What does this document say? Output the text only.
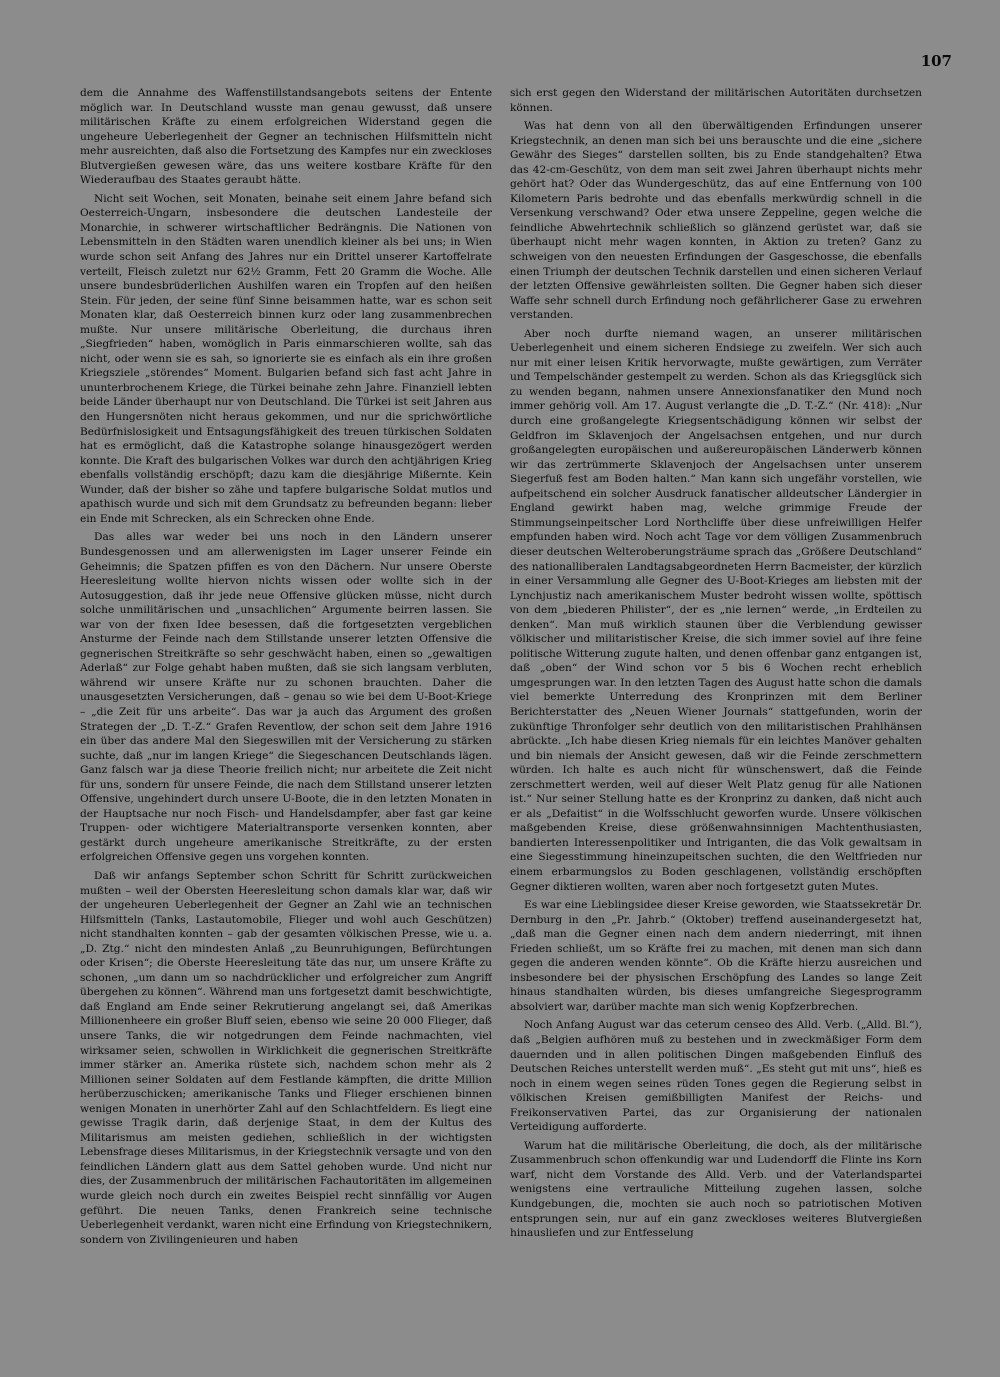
107

dem die Annahme des Waffenstillstandsangebots seitens der Entente möglich war. In Deutschland wusste man genau gewusst, daß unsere militärischen Kräfte zu einem erfolgreichen Widerstand gegen die ungeheure Ueberlegenheit der Gegner an technischen Hilfsmitteln nicht mehr ausreichten, daß also die Fortsetzung des Kampfes nur ein zweckloses Blutvergießen gewesen wäre, das uns weitere kostbare Kräfte für den Wiederaufbau des Staates geraubt hätte.

Nicht seit Wochen, seit Monaten, beinahe seit einem Jahre befand sich Oesterreich-Ungarn, insbesondere die deutschen Landesteile der Monarchie, in schwerer wirtschaftlicher Bedrängnis. Die Nationen von Lebensmitteln in den Städten waren unendlich kleiner als bei uns; in Wien wurde schon seit Anfang des Jahres nur ein Drittel unserer Kartoffelrate verteilt, Fleisch zuletzt nur 62½ Gramm, Fett 20 Gramm die Woche. Alle unsere bundesbrüderlichen Aushilfen waren ein Tropfen auf den heißen Stein. Für jeden, der seine fünf Sinne beisammen hatte, war es schon seit Monaten klar, daß Oesterreich binnen kurz oder lang zusammenbrechen mußte. Nur unsere militärische Oberleitung, die durchaus ihren „Siegfrieden“ haben, womöglich in Paris einmarschieren wollte, sah das nicht, oder wenn sie es sah, so ignorierte sie es einfach als ein ihre großen Kriegsziele „störendes“ Moment. Bulgarien befand sich fast acht Jahre in ununterbrochenem Kriege, die Türkei beinahe zehn Jahre. Finanziell lebten beide Länder überhaupt nur von Deutschland. Die Türkei ist seit Jahren aus den Hungersnöten nicht heraus gekommen, und nur die sprichwörtliche Bedürfnislosigkeit und Entsagungsfähigkeit des treuen türkischen Soldaten hat es ermöglicht, daß die Katastrophe solange hinausgezögert werden konnte. Die Kraft des bulgarischen Volkes war durch den achtjährigen Krieg ebenfalls vollständig erschöpft; dazu kam die diesjährige Mißernte. Kein Wunder, daß der bisher so zähe und tapfere bulgarische Soldat mutlos und apathisch wurde und sich mit dem Grundsatz zu befreunden begann: lieber ein Ende mit Schrecken, als ein Schrecken ohne Ende.

Das alles war weder bei uns noch in den Ländern unserer Bundesgenossen und am allerwenigsten im Lager unserer Feinde ein Geheimnis; die Spatzen pfiffen es von den Dächern. Nur unsere Oberste Heeresleitung wollte hiervon nichts wissen oder wollte sich in der Autosuggestion, daß ihr jede neue Offensive glücken müsse, nicht durch solche unmilitärischen und „unsachlichen“ Argumente beirren lassen. Sie war von der fixen Idee besessen, daß die fortgesetzten vergeblichen Ansturme der Feinde nach dem Stillstande unserer letzten Offensive die gegnerischen Streitkräfte so sehr geschwächt haben, einen so „gewaltigen Aderlaß“ zur Folge gehabt haben mußten, daß sie sich langsam verbluten, während wir unsere Kräfte nur zu schonen brauchten. Daher die unausgesetzten Versicherungen, daß – genau so wie bei dem U-Boot-Kriege – „die Zeit für uns arbeite“. Das war ja auch das Argument des großen Strategen der „D. T.-Z.“ Grafen Reventlow, der schon seit dem Jahre 1916 ein über das andere Mal den Siegeswillen mit der Versicherung zu stärken suchte, daß „nur im langen Kriege“ die Siegeschancen Deutschlands lägen. Ganz falsch war ja diese Theorie freilich nicht; nur arbeitete die Zeit nicht für uns, sondern für unsere Feinde, die nach dem Stillstand unserer letzten Offensive, ungehindert durch unsere U-Boote, die in den letzten Monaten in der Hauptsache nur noch Fisch- und Handelsdampfer, aber fast gar keine Truppen- oder wichtigere Materialtransporte versenken konnten, aber gestärkt durch ungeheure amerikanische Streitkräfte, zu der ersten erfolgreichen Offensive gegen uns vorgehen konnten.

Daß wir anfangs September schon Schritt für Schritt zurückweichen mußten – weil der Obersten Heeresleitung schon damals klar war, daß wir der ungeheuren Ueberlegenheit der Gegner an Zahl wie an technischen Hilfsmitteln (Tanks, Lastautomobile, Flieger und wohl auch Geschützen) nicht standhalten konnten – gab der gesamten völkischen Presse, wie u. a. „D. Ztg.“ nicht den mindesten Anlaß „zu Beunruhigungen, Befürchtungen oder Krisen“; die Oberste Heeresleitung täte das nur, um unsere Kräfte zu schonen, „um dann um so nachdrücklicher und erfolgreicher zum Angriff übergehen zu können“. Während man uns fortgesetzt damit beschwichtigte, daß England am Ende seiner Rekrutierung angelangt sei, daß Amerikas Millionenheere ein großer Bluff seien, ebenso wie seine 20 000 Flieger, daß unsere Tanks, die wir notgedrungen dem Feinde nachmachten, viel wirksamer seien, schwollen in Wirklichkeit die gegnerischen Streitkräfte immer stärker an. Amerika rüstete sich, nachdem schon mehr als 2 Millionen seiner Soldaten auf dem Festlande kämpften, die dritte Million herüberzuschicken; amerikanische Tanks und Flieger erschienen binnen wenigen Monaten in unerhörter Zahl auf den Schlachtfeldern. Es liegt eine gewisse Tragik darin, daß derjenige Staat, in dem der Kultus des Militarismus am meisten gediehen, schließlich in der wichtigsten Lebensfrage dieses Militarismus, in der Kriegstechnik versagte und von den feindlichen Ländern glatt aus dem Sattel gehoben wurde. Und nicht nur dies, der Zusammenbruch der militärischen Fachautoritäten im allgemeinen wurde gleich noch durch ein zweites Beispiel recht sinnfällig vor Augen geführt. Die neuen Tanks, denen Frankreich seine technische Ueberlegenheit verdankt, waren nicht eine Erfindung von Kriegstechnikern, sondern von Zivilingenieuren und haben

sich erst gegen den Widerstand der militärischen Autoritäten durchsetzen können.

Was hat denn von all den überwältigenden Erfindungen unserer Kriegstechnik, an denen man sich bei uns berauschte und die eine „sichere Gewähr des Sieges“ darstellen sollten, bis zu Ende standgehalten? Etwa das 42-cm-Geschütz, von dem man seit zwei Jahren überhaupt nichts mehr gehört hat? Oder das Wundergeschütz, das auf eine Entfernung von 100 Kilometern Paris bedrohte und das ebenfalls merkwürdig schnell in die Versenkung verschwand? Oder etwa unsere Zeppeline, gegen welche die feindliche Abwehrtechnik schließlich so glänzend gerüstet war, daß sie überhaupt nicht mehr wagen konnten, in Aktion zu treten? Ganz zu schweigen von den neuesten Erfindungen der Gasgeschosse, die ebenfalls einen Triumph der deutschen Technik darstellen und einen sicheren Verlauf der letzten Offensive gewährleisten sollten. Die Gegner haben sich dieser Waffe sehr schnell durch Erfindung noch gefährlicherer Gase zu erwehren verstanden.

Aber noch durfte niemand wagen, an unserer militärischen Ueberlegenheit und einem sicheren Endsiege zu zweifeln. Wer sich auch nur mit einer leisen Kritik hervorwagte, mußte gewärtigen, zum Verräter und Tempelschänder gestempelt zu werden. Schon als das Kriegsglück sich zu wenden begann, nahmen unsere Annexionsfanatiker den Mund noch immer gehörig voll. Am 17. August verlangte die „D. T.-Z.“ (Nr. 418): „Nur durch eine großangelegte Kriegsentschädigung können wir selbst der Geldfron im Sklavenjoch der Angelsachsen entgehen, und nur durch großangelegten europäischen und außereuropäischen Länderwerb können wir das zertrümmerte Sklavenjoch der Angelsachsen unter unserem Siegerfuß fest am Boden halten.“ Man kann sich ungefähr vorstellen, wie aufpeitschend ein solcher Ausdruck fanatischer alldeutscher Ländergier in England gewirkt haben mag, welche grimmige Freude der Stimmungseinpeitscher Lord Northcliffe über diese unfreiwilligen Helfer empfunden haben wird. Noch acht Tage vor dem völligen Zusammenbruch dieser deutschen Welteroberungsträume sprach das „Größere Deutschland“ des nationalliberalen Landtagsabgeordneten Herrn Bacmeister, der kürzlich in einer Versammlung alle Gegner des U-Boot-Krieges am liebsten mit der Lynchjustiz nach amerikanischem Muster bedroht wissen wollte, spöttisch von dem „biederen Philister“, der es „nie lernen“ werde, „in Erdteilen zu denken“. Man muß wirklich staunen über die Verblendung gewisser völkischer und militaristischer Kreise, die sich immer soviel auf ihre feine politische Witterung zugute halten, und denen offenbar ganz entgangen ist, daß „oben“ der Wind schon vor 5 bis 6 Wochen recht erheblich umgesprungen war. In den letzten Tagen des August hatte schon die damals viel bemerkte Unterredung des Kronprinzen mit dem Berliner Berichterstatter des „Neuen Wiener Journals“ stattgefunden, worin der zukünftige Thronfolger sehr deutlich von den militaristischen Prahlhänsen abrückte. „Ich habe diesen Krieg niemals für ein leichtes Manöver gehalten und bin niemals der Ansicht gewesen, daß wir die Feinde zerschmettern würden. Ich halte es auch nicht für wünschenswert, daß die Feinde zerschmettert werden, weil auf dieser Welt Platz genug für alle Nationen ist.“ Nur seiner Stellung hatte es der Kronprinz zu danken, daß nicht auch er als „Defaitist“ in die Wolfsschlucht geworfen wurde. Unsere völkischen maßgebenden Kreise, diese größenwahnsinnigen Machtenthusiasten, bandierten Interessenpolitiker und Intriganten, die das Volk gewaltsam in eine Siegesstimmung hineinzupeitschen suchten, die den Weltfrieden nur einem erbarmungslos zu Boden geschlagenen, vollständig erschöpften Gegner diktieren wollten, waren aber noch fortgesetzt guten Mutes.

Es war eine Lieblingsidee dieser Kreise geworden, wie Staatssekretär Dr. Dernburg in den „Pr. Jahrb.“ (Oktober) treffend auseinandergesetzt hat, „daß man die Gegner einen nach dem andern niederringt, mit ihnen Frieden schließt, um so Kräfte frei zu machen, mit denen man sich dann gegen die anderen wenden könnte“. Ob die Kräfte hierzu ausreichen und insbesondere bei der physischen Erschöpfung des Landes so lange Zeit hinaus standhalten würden, bis dieses umfangreiche Siegesprogramm absolviert war, darüber machte man sich wenig Kopfzerbrechen.

Noch Anfang August war das ceterum censeo des Alld. Verb. („Alld. Bl.“), daß „Belgien aufhören muß zu bestehen und in zweckmäßiger Form dem dauernden und in allen politischen Dingen maßgebenden Einfluß des Deutschen Reiches unterstellt werden muß“. „Es steht gut mit uns“, hieß es noch in einem wegen seines rüden Tones gegen die Regierung selbst in völkischen Kreisen gemißbilligten Manifest der Reichs- und Freikonservativen Partei, das zur Organisierung der nationalen Verteidigung aufforderte.

Warum hat die militärische Oberleitung, die doch, als der militärische Zusammenbruch schon offenkundig war und Ludendorff die Flinte ins Korn warf, nicht dem Vorstande des Alld. Verb. und der Vaterlandspartei wenigstens eine vertrauliche Mitteilung zugehen lassen, solche Kundgebungen, die, mochten sie auch noch so patriotischen Motiven entsprungen sein, nur auf ein ganz zweckloses weiteres Blutvergießen hinausliefen und zur Entfesselung
